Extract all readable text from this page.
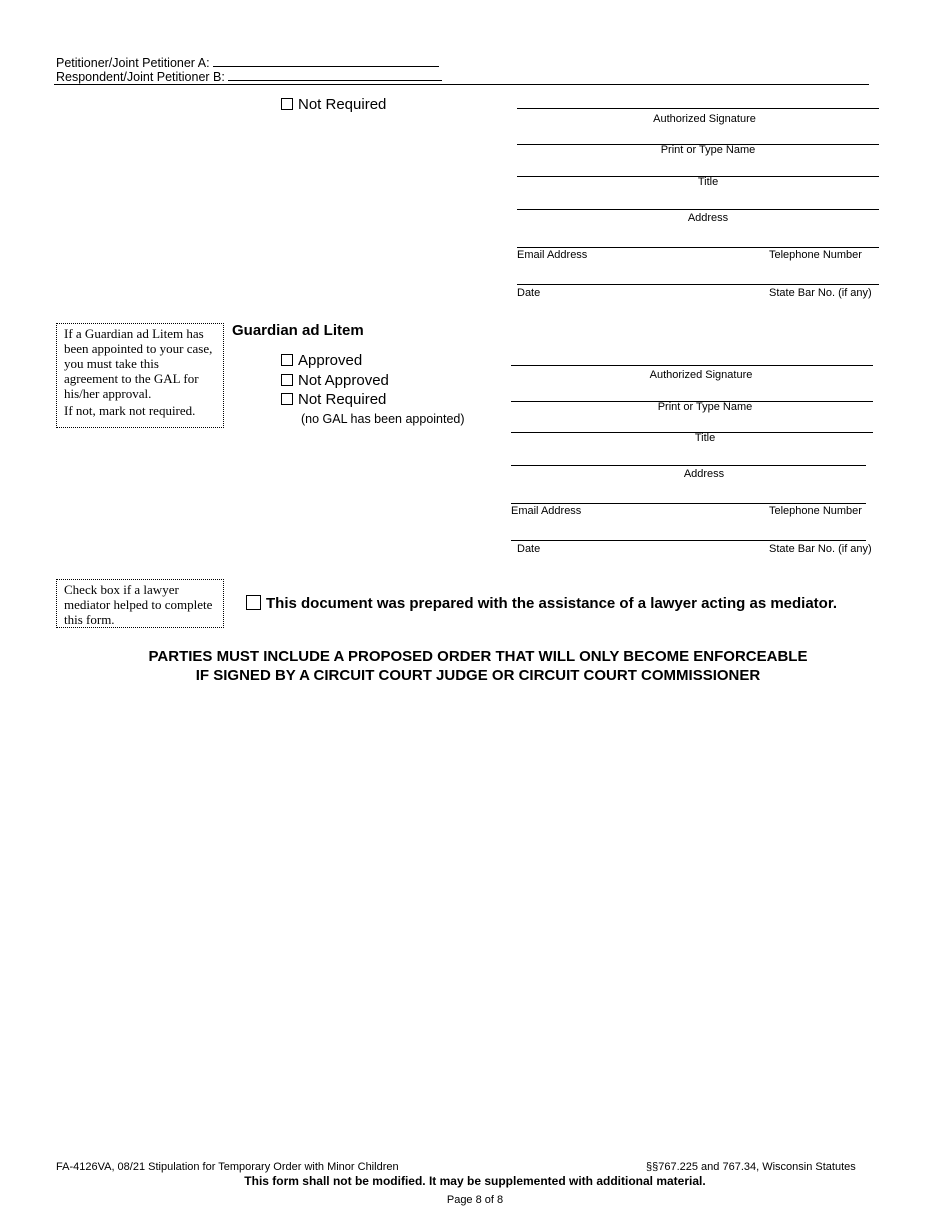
Petitioner/Joint Petitioner A:
Respondent/Joint Petitioner B:
Not Required
Authorized Signature
Print or Type Name
Title
Address
Email Address	Telephone Number
Date	State Bar No. (if any)
If a Guardian ad Litem has been appointed to your case, you must take this agreement to the GAL for his/her approval.
If not, mark not required.
Guardian ad Litem
Approved
Not Approved
Not Required
(no GAL has been appointed)
Authorized Signature
Print or Type Name
Title
Address
Email Address	Telephone Number
Date	State Bar No. (if any)
Check box if a lawyer mediator helped to complete this form.
This document was prepared with the assistance of a lawyer acting as mediator.
PARTIES MUST INCLUDE A PROPOSED ORDER THAT WILL ONLY BECOME ENFORCEABLE
IF SIGNED BY A CIRCUIT COURT JUDGE OR CIRCUIT COURT COMMISSIONER
FA-4126VA, 08/21 Stipulation for Temporary Order with Minor Children	§§767.225 and 767.34, Wisconsin Statutes
This form shall not be modified. It may be supplemented with additional material.
Page 8 of 8
